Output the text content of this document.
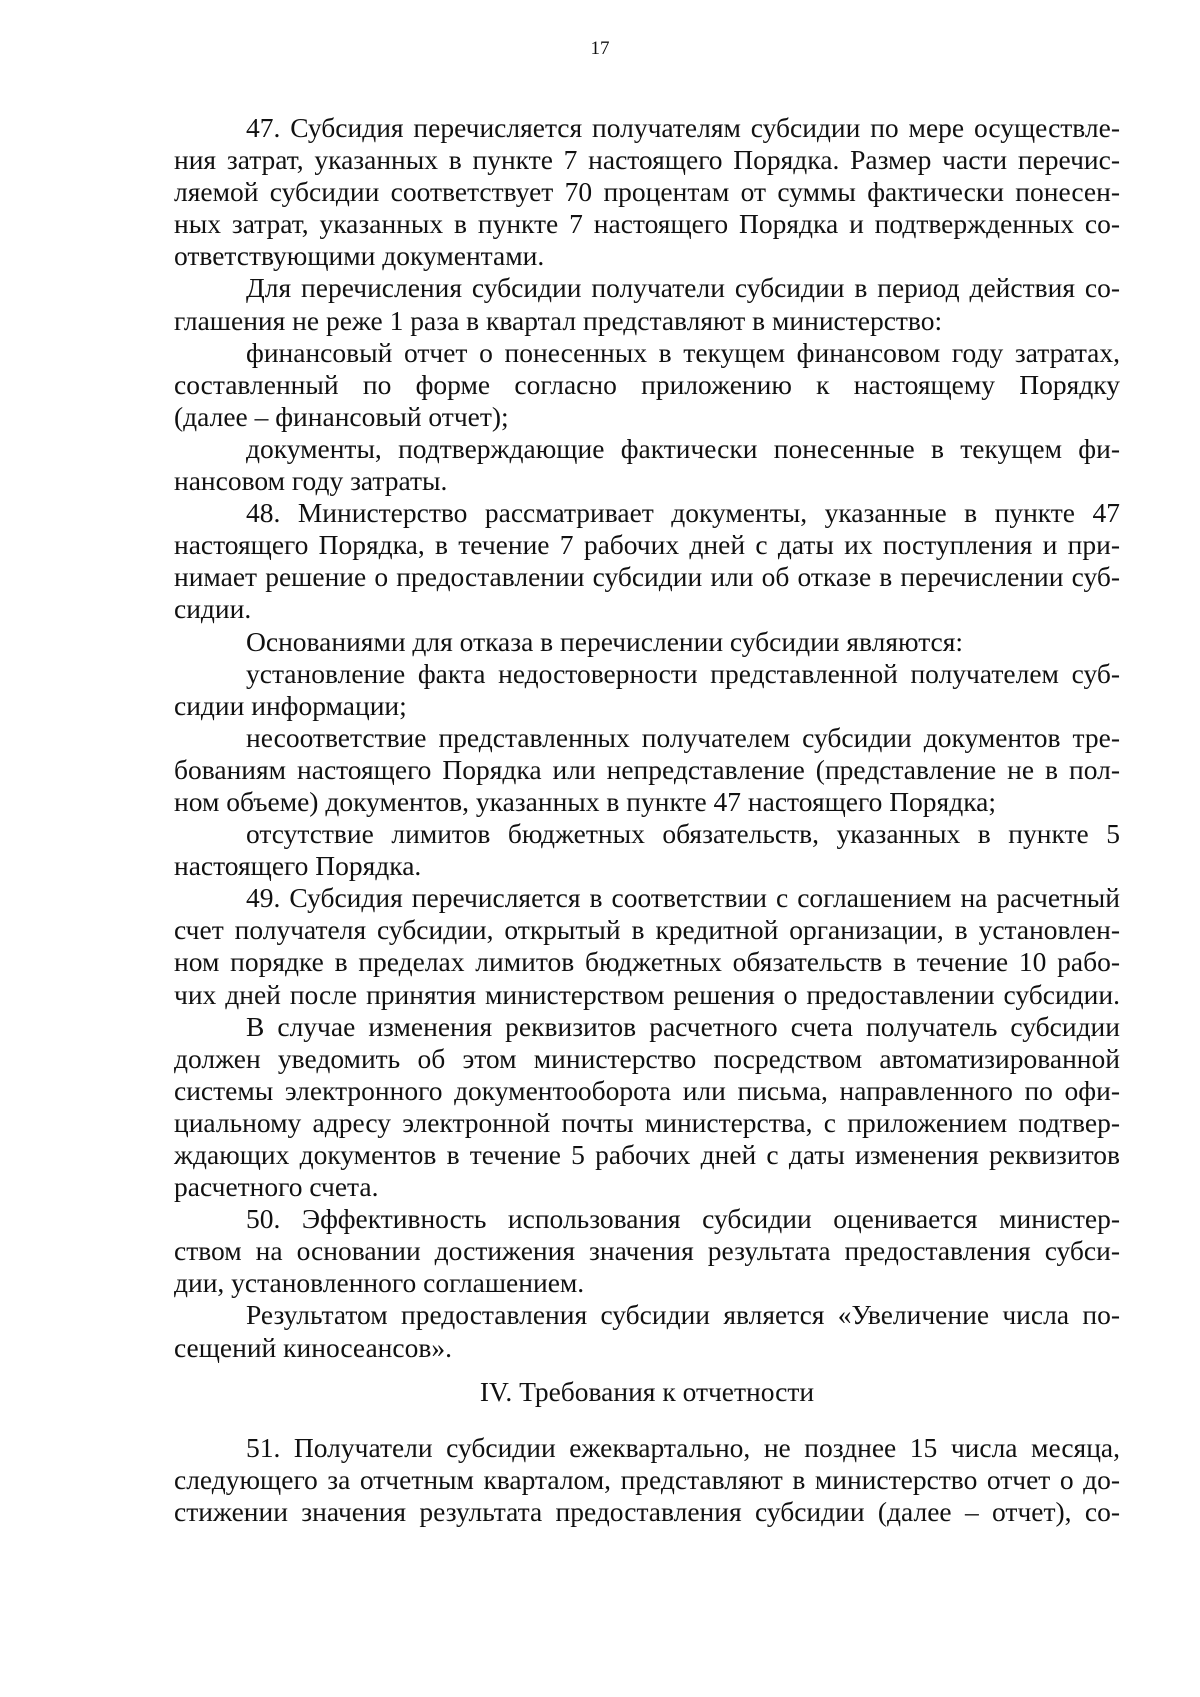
17
47. Субсидия перечисляется получателям субсидии по мере осуществле-
ния затрат, указанных в пункте 7 настоящего Порядка. Размер части перечис-
ляемой субсидии соответствует 70 процентам от суммы фактически понесен-
ных затрат, указанных в пункте 7 настоящего Порядка и подтвержденных со-
ответствующими документами.
Для перечисления субсидии получатели субсидии в период действия со-
глашения не реже 1 раза в квартал представляют в министерство:
финансовый отчет о понесенных в текущем финансовом году затратах,
составленный по форме согласно приложению к настоящему Порядку
(далее – финансовый отчет);
документы, подтверждающие фактически понесенные в текущем фи-
нансовом году затраты.
48. Министерство рассматривает документы, указанные в пункте 47
настоящего Порядка, в течение 7 рабочих дней с даты их поступления и при-
нимает решение о предоставлении субсидии или об отказе в перечислении суб-
сидии.
Основаниями для отказа в перечислении субсидии являются:
установление факта недостоверности представленной получателем суб-
сидии информации;
несоответствие представленных получателем субсидии документов тре-
бованиям настоящего Порядка или непредставление (представление не в пол-
ном объеме) документов, указанных в пункте 47 настоящего Порядка;
отсутствие лимитов бюджетных обязательств, указанных в пункте 5
настоящего Порядка.
49. Субсидия перечисляется в соответствии с соглашением на расчетный
счет получателя субсидии, открытый в кредитной организации, в установлен-
ном порядке в пределах лимитов бюджетных обязательств в течение 10 рабо-
чих дней после принятия министерством решения о предоставлении субсидии.
В случае изменения реквизитов расчетного счета получатель субсидии
должен уведомить об этом министерство посредством автоматизированной
системы электронного документооборота или письма, направленного по офи-
циальному адресу электронной почты министерства, с приложением подтвер-
ждающих документов в течение 5 рабочих дней с даты изменения реквизитов
расчетного счета.
50. Эффективность использования субсидии оценивается министер-
ством на основании достижения значения результата предоставления субси-
дии, установленного соглашением.
Результатом предоставления субсидии является «Увеличение числа по-
сещений киносеансов».
IV. Требования к отчетности
51. Получатели субсидии ежеквартально, не позднее 15 числа месяца,
следующего за отчетным кварталом, представляют в министерство отчет о до-
стижении значения результата предоставления субсидии (далее – отчет), со-
